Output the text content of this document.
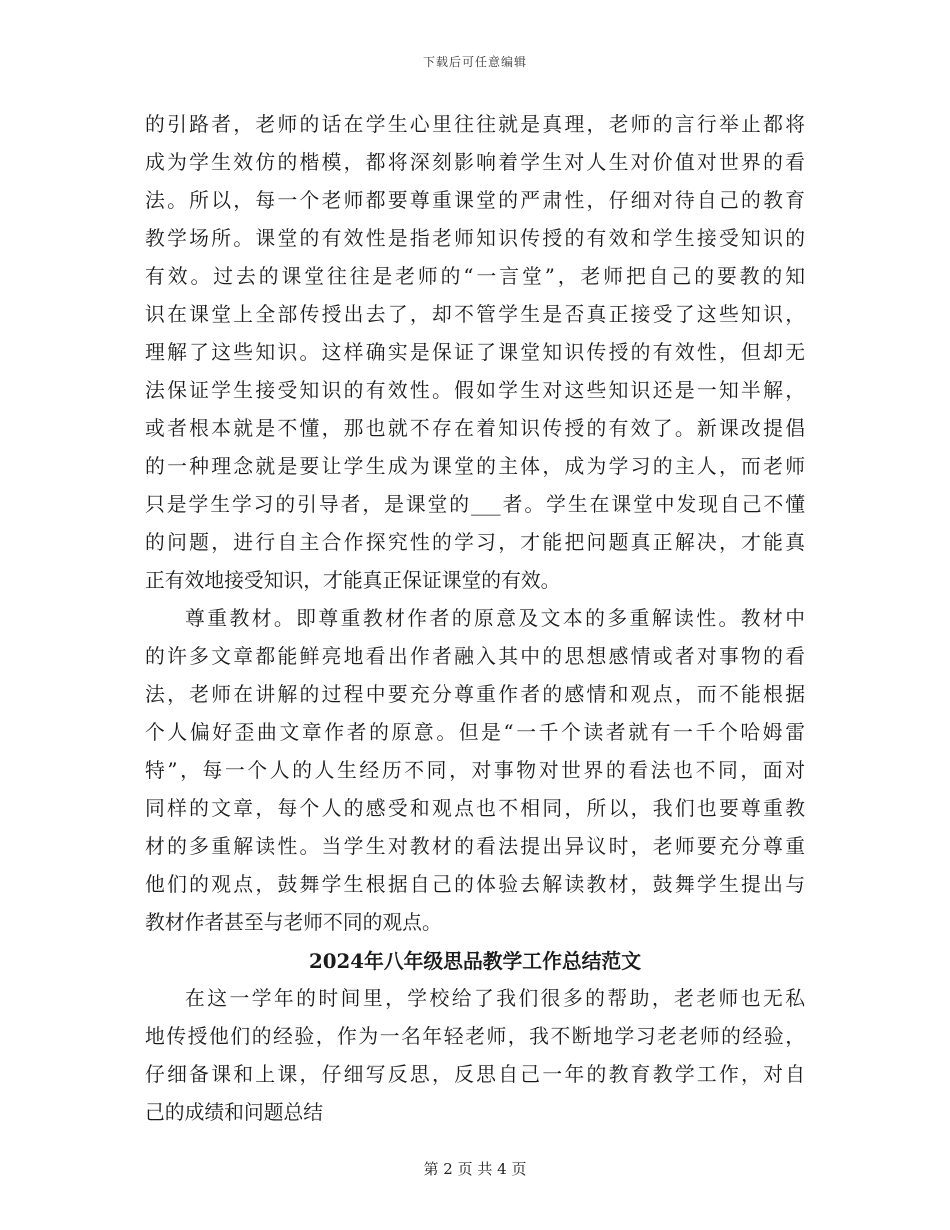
下载后可任意编辑
的引路者，老师的话在学生心里往往就是真理，老师的言行举止都将
成为学生效仿的楷模，都将深刻影响着学生对人生对价值对世界的看
法。所以，每一个老师都要尊重课堂的严肃性，仔细对待自己的教育
教学场所。课堂的有效性是指老师知识传授的有效和学生接受知识的
有效。过去的课堂往往是老师的“一言堂”，老师把自己的要教的知
识在课堂上全部传授出去了，却不管学生是否真正接受了这些知识，
理解了这些知识。这样确实是保证了课堂知识传授的有效性，但却无
法保证学生接受知识的有效性。假如学生对这些知识还是一知半解，
或者根本就是不懂，那也就不存在着知识传授的有效了。新课改提倡
的一种理念就是要让学生成为课堂的主体，成为学习的主人，而老师
只是学生学习的引导者，是课堂的___者。学生在课堂中发现自己不懂
的问题，进行自主合作探究性的学习，才能把问题真正解决，才能真
正有效地接受知识，才能真正保证课堂的有效。
尊重教材。即尊重教材作者的原意及文本的多重解读性。教材中
的许多文章都能鲜亮地看出作者融入其中的思想感情或者对事物的看
法，老师在讲解的过程中要充分尊重作者的感情和观点，而不能根据
个人偏好歪曲文章作者的原意。但是“一千个读者就有一千个哈姆雷
特”，每一个人的人生经历不同，对事物对世界的看法也不同，面对
同样的文章，每个人的感受和观点也不相同，所以，我们也要尊重教
材的多重解读性。当学生对教材的看法提出异议时，老师要充分尊重
他们的观点，鼓舞学生根据自己的体验去解读教材，鼓舞学生提出与
教材作者甚至与老师不同的观点。
2024年八年级思品教学工作总结范文
在这一学年的时间里，学校给了我们很多的帮助，老老师也无私
地传授他们的经验，作为一名年轻老师，我不断地学习老老师的经验，
仔细备课和上课，仔细写反思，反思自己一年的教育教学工作，对自
己的成绩和问题总结
第 2 页 共 4 页
